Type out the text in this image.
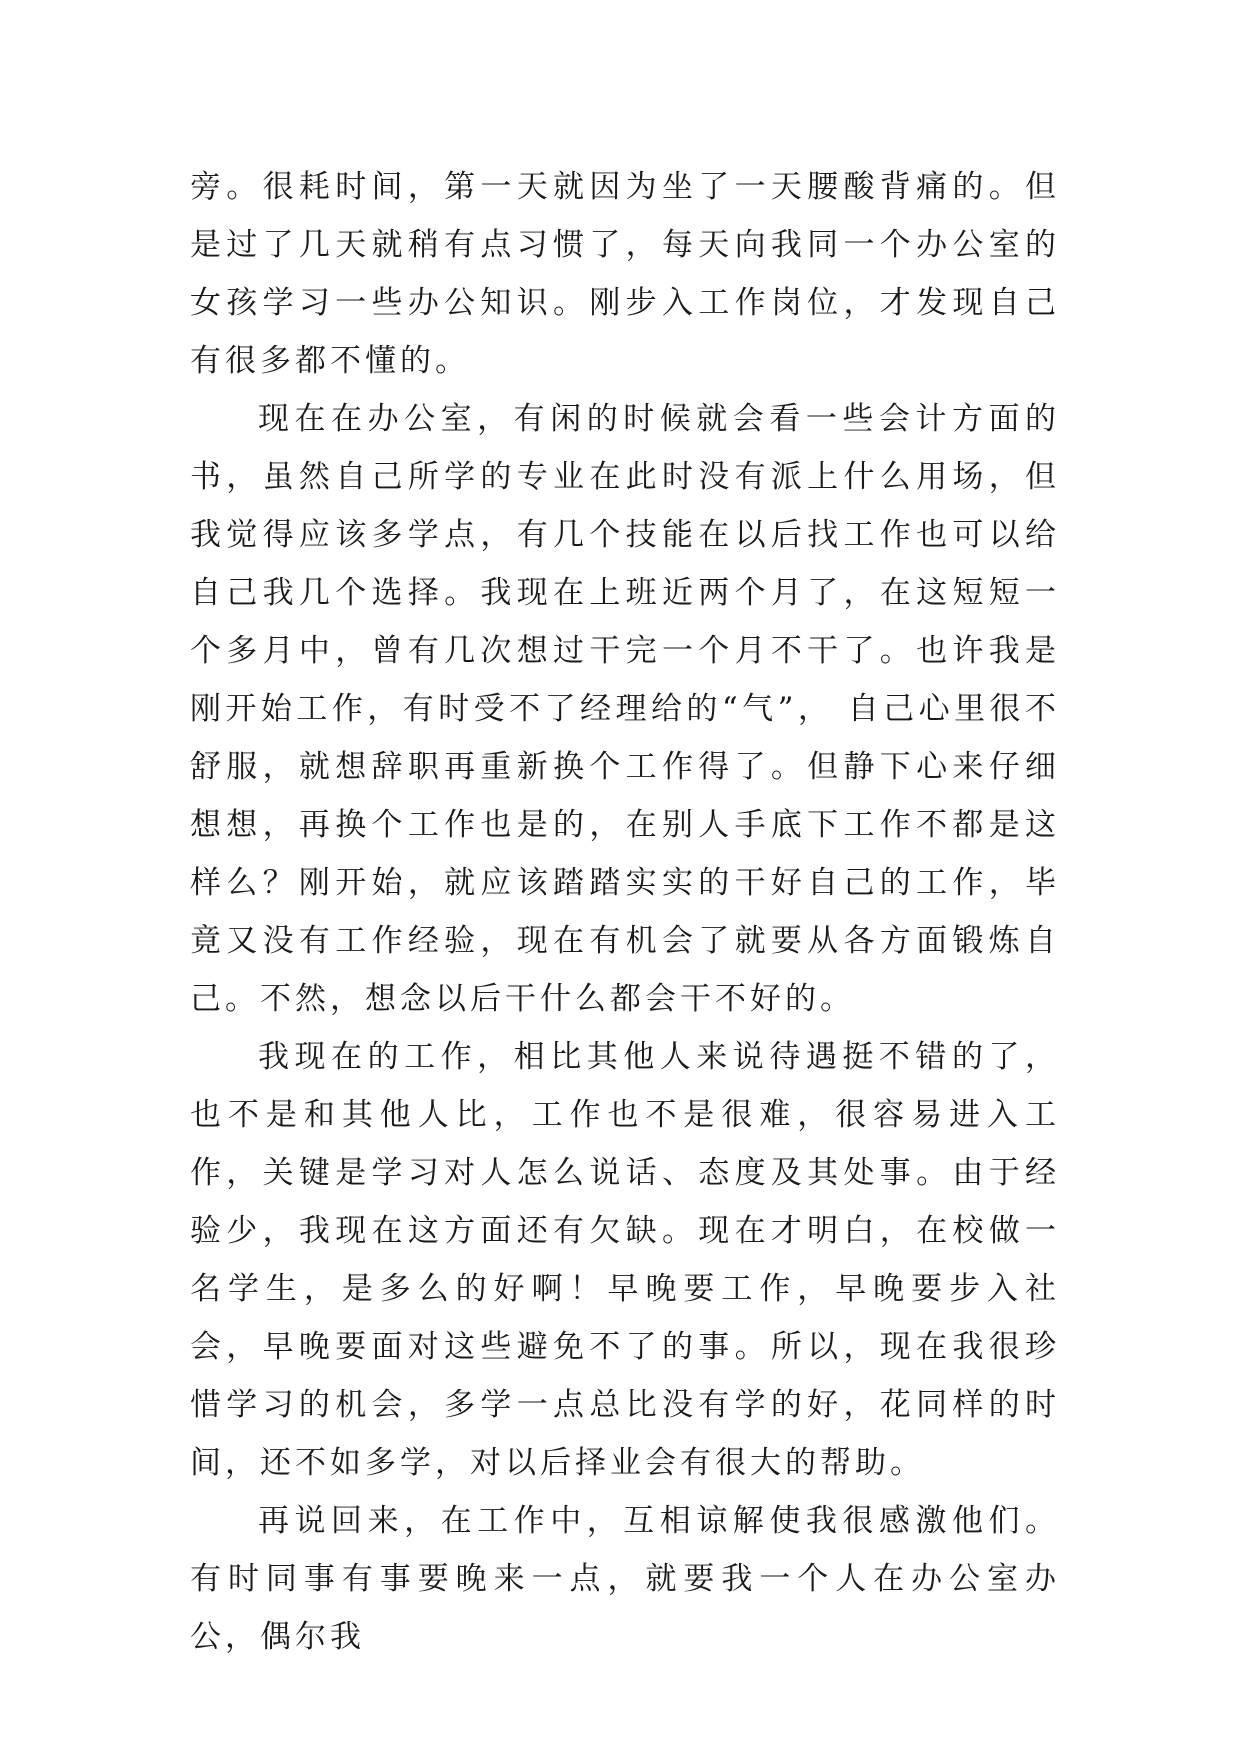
旁。很耗时间，第一天就因为坐了一天腰酸背痛的。但是过了几天就稍有点习惯了，每天向我同一个办公室的女孩学习一些办公知识。刚步入工作岗位，才发现自己有很多都不懂的。

现在在办公室，有闲的时候就会看一些会计方面的书，虽然自己所学的专业在此时没有派上什么用场，但我觉得应该多学点，有几个技能在以后找工作也可以给自己我几个选择。我现在上班近两个月了，在这短短一个多月中，曾有几次想过干完一个月不干了。也许我是刚开始工作，有时受不了经理给的“气”， 自己心里很不舒服，就想辞职再重新换个工作得了。但静下心来仔细想想，再换个工作也是的，在别人手底下工作不都是这样么？刚开始，就应该踏踏实实的干好自己的工作，毕竟又没有工作经验，现在有机会了就要从各方面锻炼自己。不然，想念以后干什么都会干不好的。

我现在的工作，相比其他人来说待遇挺不错的了，也不是和其他人比，工作也不是很难，很容易进入工作，关键是学习对人怎么说话、态度及其处事。由于经验少，我现在这方面还有欠缺。现在才明白，在校做一名学生，是多么的好啊！早晚要工作，早晚要步入社会，早晚要面对这些避免不了的事。所以，现在我很珍惜学习的机会，多学一点总比没有学的好，花同样的时间，还不如多学，对以后择业会有很大的帮助。

再说回来，在工作中，互相谅解使我很感激他们。有时同事有事要晚来一点，就要我一个人在办公室办公，偶尔我
